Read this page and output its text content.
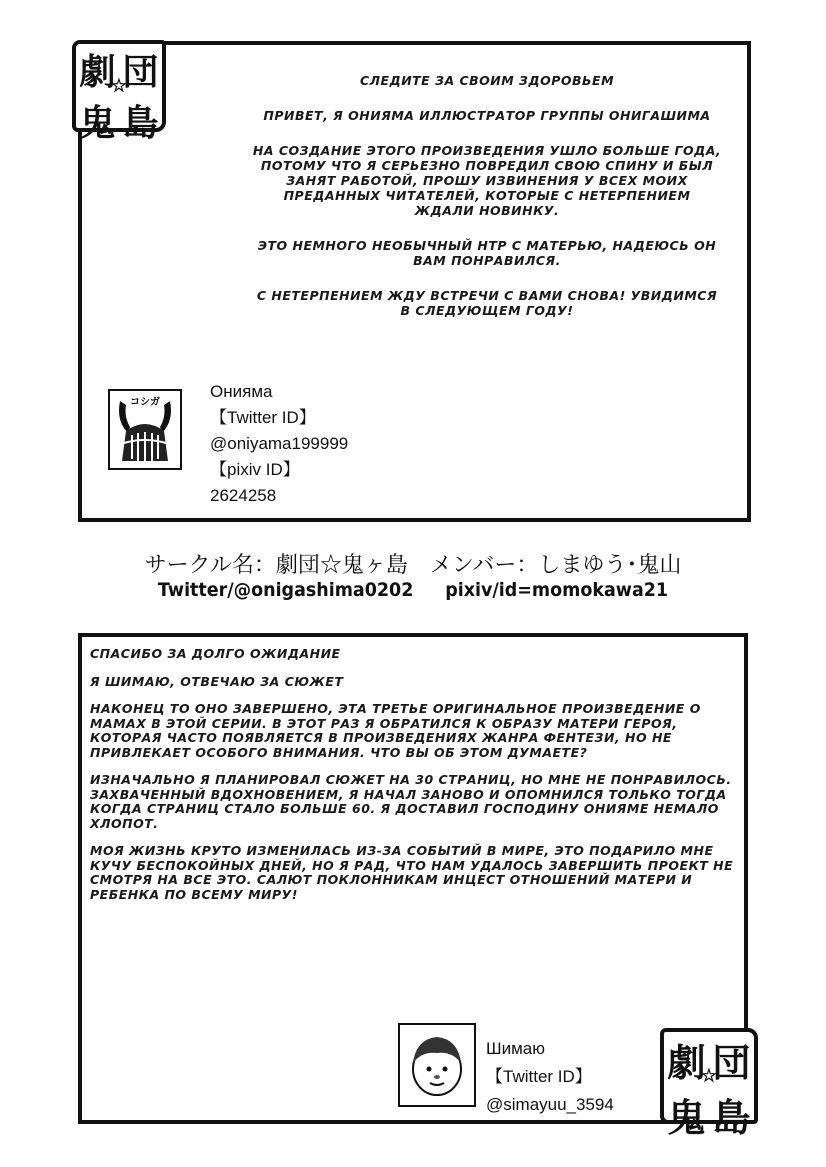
СЛЕДИТЕ ЗА СВОИМ ЗДОРОВЬЕМ

ПРИВЕТ, Я ОНИЯМА ИЛЛЮСТРАТОР ГРУППЫ ОНИГАШИМА

НА СОЗДАНИЕ ЭТОГО ПРОИЗВЕДЕНИЯ УШЛО БОЛЬШЕ ГОДА, ПОТОМУ ЧТО Я СЕРЬЕЗНО ПОВРЕДИЛ СВОЮ СПИНУ И БЫЛ ЗАНЯТ РАБОТОЙ, ПРОШУ ИЗВИНЕНИЯ У ВСЕХ МОИХ ПРЕДАННЫХ ЧИТАТЕЛЕЙ, КОТОРЫЕ С НЕТЕРПЕНИЕМ ЖДАЛИ НОВИНКУ.

ЭТО НЕМНОГО НЕОБЫЧНЫЙ НТР С МАТЕРЬЮ, НАДЕЮСЬ ОН ВАМ ПОНРАВИЛСЯ.

С НЕТЕРПЕНИЕМ ЖДУ ВСТРЕЧИ С ВАМИ СНОВА! УВИДИМСЯ В СЛЕДУЮЩЕМ ГОДУ!

コシガ
Онияма
【Twitter ID】
@oniyama199999
【pixiv ID】
2624258
劇 団
鬼 島
☆
サークル名：劇団☆鬼ヶ島　メンバー：しまゆう･鬼山
Twitter/@onigashima0202 pixiv/id=momokawa21

СПАСИБО ЗА ДОЛГО ОЖИДАНИЕ

Я ШИМАЮ, ОТВЕЧАЮ ЗА СЮЖЕТ

НАКОНЕЦ ТО ОНО ЗАВЕРШЕНО, ЭТА ТРЕТЬЕ ОРИГИНАЛЬНОЕ ПРОИЗВЕДЕНИЕ О МАМАХ В ЭТОЙ СЕРИИ. В ЭТОТ РАЗ Я ОБРАТИЛСЯ К ОБРАЗУ МАТЕРИ ГЕРОЯ, КОТОРАЯ ЧАСТО ПОЯВЛЯЕТСЯ В ПРОИЗВЕДЕНИЯХ ЖАНРА ФЕНТЕЗИ, НО НЕ ПРИВЛЕКАЕТ ОСОБОГО ВНИМАНИЯ. ЧТО ВЫ ОБ ЭТОМ ДУМАЕТЕ?

ИЗНАЧАЛЬНО Я ПЛАНИРОВАЛ СЮЖЕТ НА 30 СТРАНИЦ, НО МНЕ НЕ ПОНРАВИЛОСЬ. ЗАХВАЧЕННЫЙ ВДОХНОВЕНИЕМ, Я НАЧАЛ ЗАНОВО И ОПОМНИЛСЯ ТОЛЬКО ТОГДА КОГДА СТРАНИЦ СТАЛО БОЛЬШЕ 60. Я ДОСТАВИЛ ГОСПОДИНУ ОНИЯМЕ НЕМАЛО ХЛОПОТ.

МОЯ ЖИЗНЬ КРУТО ИЗМЕНИЛАСЬ ИЗ-ЗА СОБЫТИЙ В МИРЕ, ЭТО ПОДАРИЛО МНЕ КУЧУ БЕСПОКОЙНЫХ ДНЕЙ, НО Я РАД, ЧТО НАМ УДАЛОСЬ ЗАВЕРШИТЬ ПРОЕКТ НЕ СМОТРЯ НА ВСЕ ЭТО. САЛЮТ ПОКЛОННИКАМ ИНЦЕСТ ОТНОШЕНИЙ МАТЕРИ И РЕБЕНКА ПО ВСЕМУ МИРУ!

Шимаю
【Twitter ID】
@simayuu_3594
劇 団
鬼 島
☆
